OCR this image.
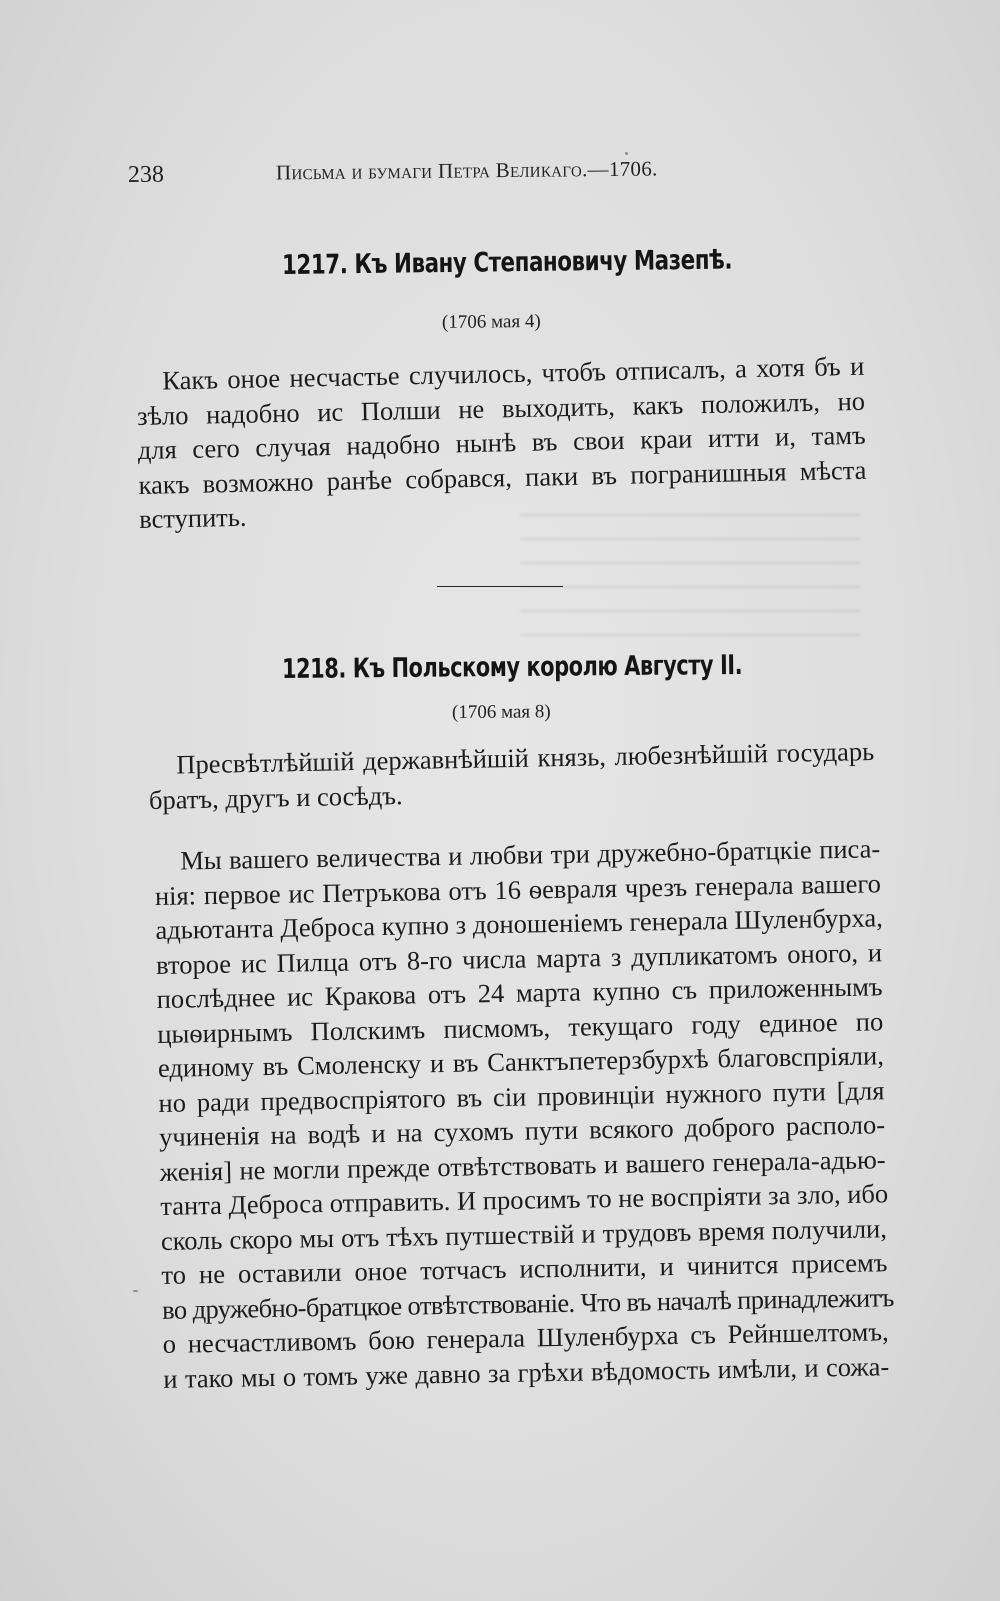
238	Письма и бумаги Петра Великаго.—1706.
1217. Къ Ивану Степановичу Мазепѣ.
(1706 мая 4)
Какъ оное несчастье случилось, чтобъ отписалъ, а хотя бъ и
зѣло надобно ис Полши не выходить, какъ положилъ, но
для сего случая надобно нынѣ въ свои краи итти и, тамъ
какъ возможно ранѣе собрався, паки въ погранишныя мѣста
вступить.
1218. Къ Польскому королю Августу II.
(1706 мая 8)
Пресвѣтлѣйшій державнѣйшій князь, любезнѣйшій государь
братъ, другъ и сосѣдъ.
Мы вашего величества и любви три дружебно-братцкіе писа-
нія: первое ис Петръкова отъ 16 ѳевраля чрезъ генерала вашего
адьютанта Деброса купно з доношеніемъ генерала Шуленбурха,
второе ис Пилца отъ 8-го числа марта з дупликатомъ оного, и
послѣднее ис Кракова отъ 24 марта купно съ приложеннымъ
цыѳирнымъ Полскимъ писмомъ, текущаго году единое по
единому въ Смоленску и въ Санктъпетерзбурхѣ благовспріяли,
но ради предвоспріятого въ сіи провинціи нужного пути [для
учиненія на водѣ и на сухомъ пути всякого доброго располо-
женія] не могли прежде отвѣтствовать и вашего генерала-адью-
танта Деброса отправить. И просимъ то не воспріяти за зло, ибо
сколь скоро мы отъ тѣхъ путшествій и трудовъ время получили,
то не оставили оное тотчасъ исполнити, и чинится присемъ
во дружебно-братцкое отвѣтствованіе. Что въ началѣ принадлежитъ
о несчастливомъ бою генерала Шуленбурха съ Рейншелтомъ,
и тако мы о томъ уже давно за грѣхи вѣдомость имѣли, и сожа-
